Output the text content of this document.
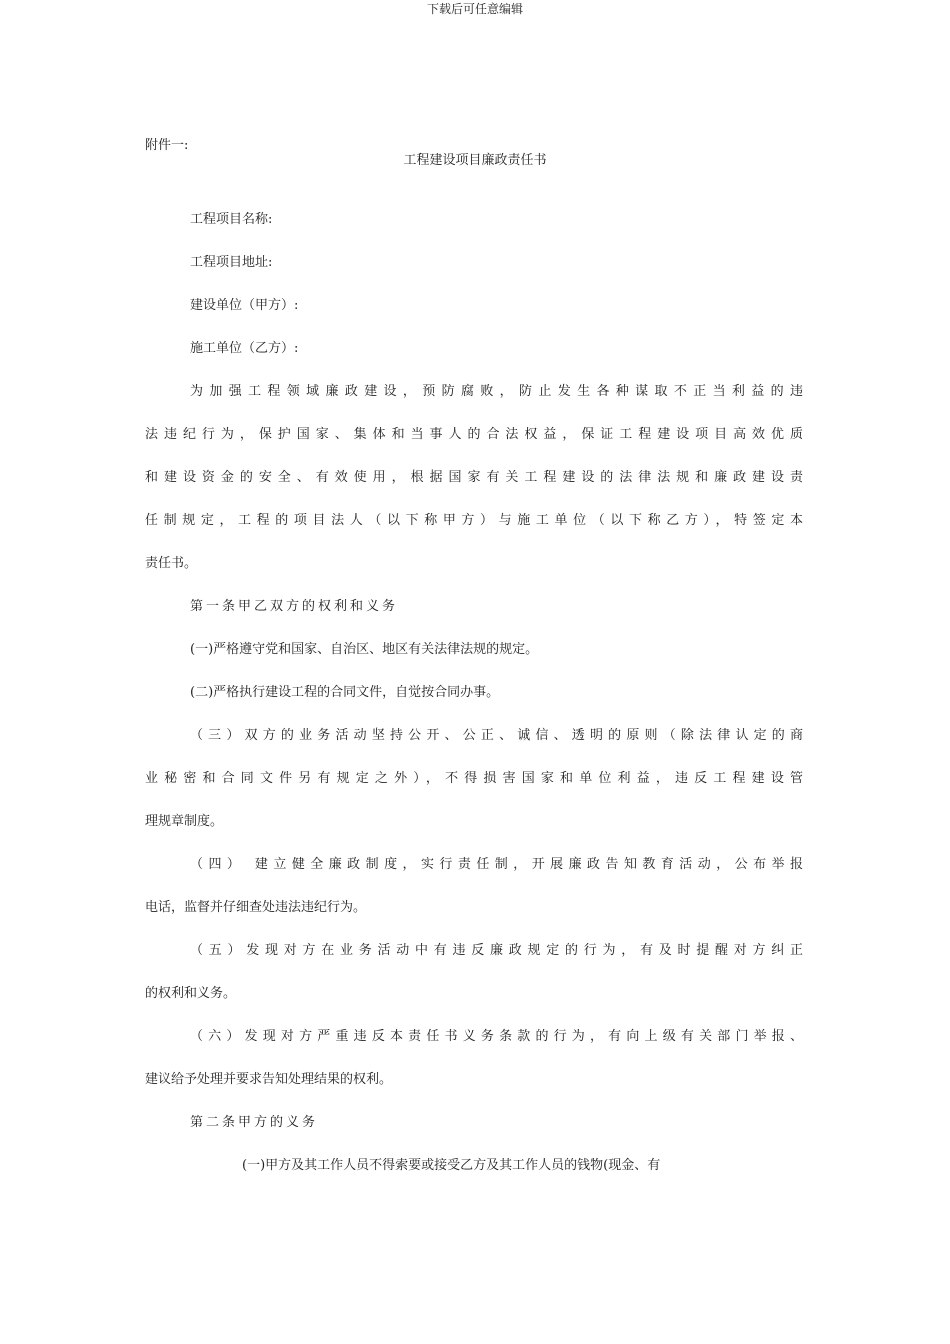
下载后可任意编辑
附件一:
工程建设项目廉政责任书
工程项目名称:
工程项目地址:
建设单位（甲方）:
施工单位（乙方）:
为加强工程领域廉政建设，预防腐败，防止发生各种谋取不正当利益的违
法违纪行为，保护国家、集体和当事人的合法权益，保证工程建设项目高效优质
和建设资金的安全、有效使用，根据国家有关工程建设的法律法规和廉政建设责
任制规定，工程的项目法人（以下称甲方）与施工单位（以下称乙方），特签定本
责任书。
第一条甲乙双方的权利和义务
(一)严格遵守党和国家、自治区、地区有关法律法规的规定。
(二)严格执行建设工程的合同文件，自觉按合同办事。
（三）双方的业务活动坚持公开、公正、诚信、透明的原则（除法律认定的商
业秘密和合同文件另有规定之外），不得损害国家和单位利益，违反工程建设管
理规章制度。
（四） 建立健全廉政制度，实行责任制，开展廉政告知教育活动，公布举报
电话，监督并仔细查处违法违纪行为。
（五）发现对方在业务活动中有违反廉政规定的行为，有及时提醒对方纠正
的权利和义务。
（六）发现对方严重违反本责任书义务条款的行为，有向上级有关部门举报、
建议给予处理并要求告知处理结果的权利。
第二条甲方的义务
(一)甲方及其工作人员不得索要或接受乙方及其工作人员的钱物(现金、有
